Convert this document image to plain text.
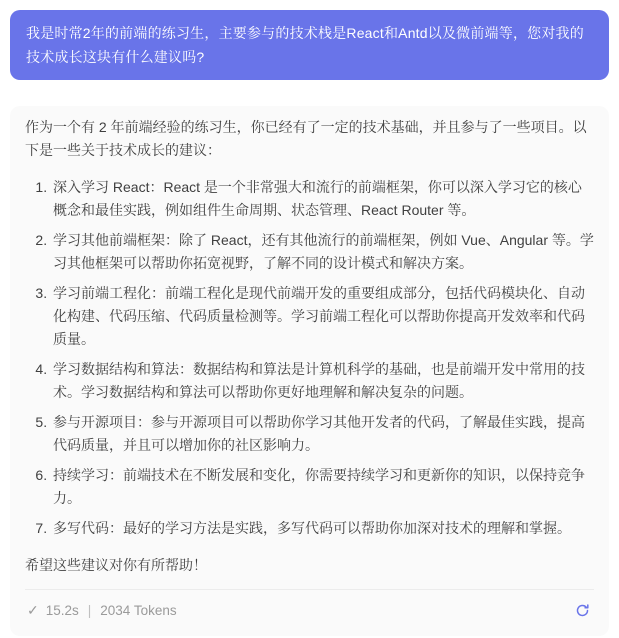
我是时常2年的前端的练习生，主要参与的技术栈是React和Antd以及微前端等，您对我的技术成长这块有什么建议吗?

作为一个有 2 年前端经验的练习生，你已经有了一定的技术基础，并且参与了一些项目。以下是一些关于技术成长的建议：

1. 深入学习 React：React 是一个非常强大和流行的前端框架，你可以深入学习它的核心概念和最佳实践，例如组件生命周期、状态管理、React Router 等。
2. 学习其他前端框架：除了 React，还有其他流行的前端框架，例如 Vue、Angular 等。学习其他框架可以帮助你拓宽视野，了解不同的设计模式和解决方案。
3. 学习前端工程化：前端工程化是现代前端开发的重要组成部分，包括代码模块化、自动化构建、代码压缩、代码质量检测等。学习前端工程化可以帮助你提高开发效率和代码质量。
4. 学习数据结构和算法：数据结构和算法是计算机科学的基础，也是前端开发中常用的技术。学习数据结构和算法可以帮助你更好地理解和解决复杂的问题。
5. 参与开源项目：参与开源项目可以帮助你学习其他开发者的代码，了解最佳实践，提高代码质量，并且可以增加你的社区影响力。
6. 持续学习：前端技术在不断发展和变化，你需要持续学习和更新你的知识，以保持竞争力。
7. 多写代码：最好的学习方法是实践，多写代码可以帮助你加深对技术的理解和掌握。

希望这些建议对你有所帮助！

✓ 15.2s | 2034 Tokens
